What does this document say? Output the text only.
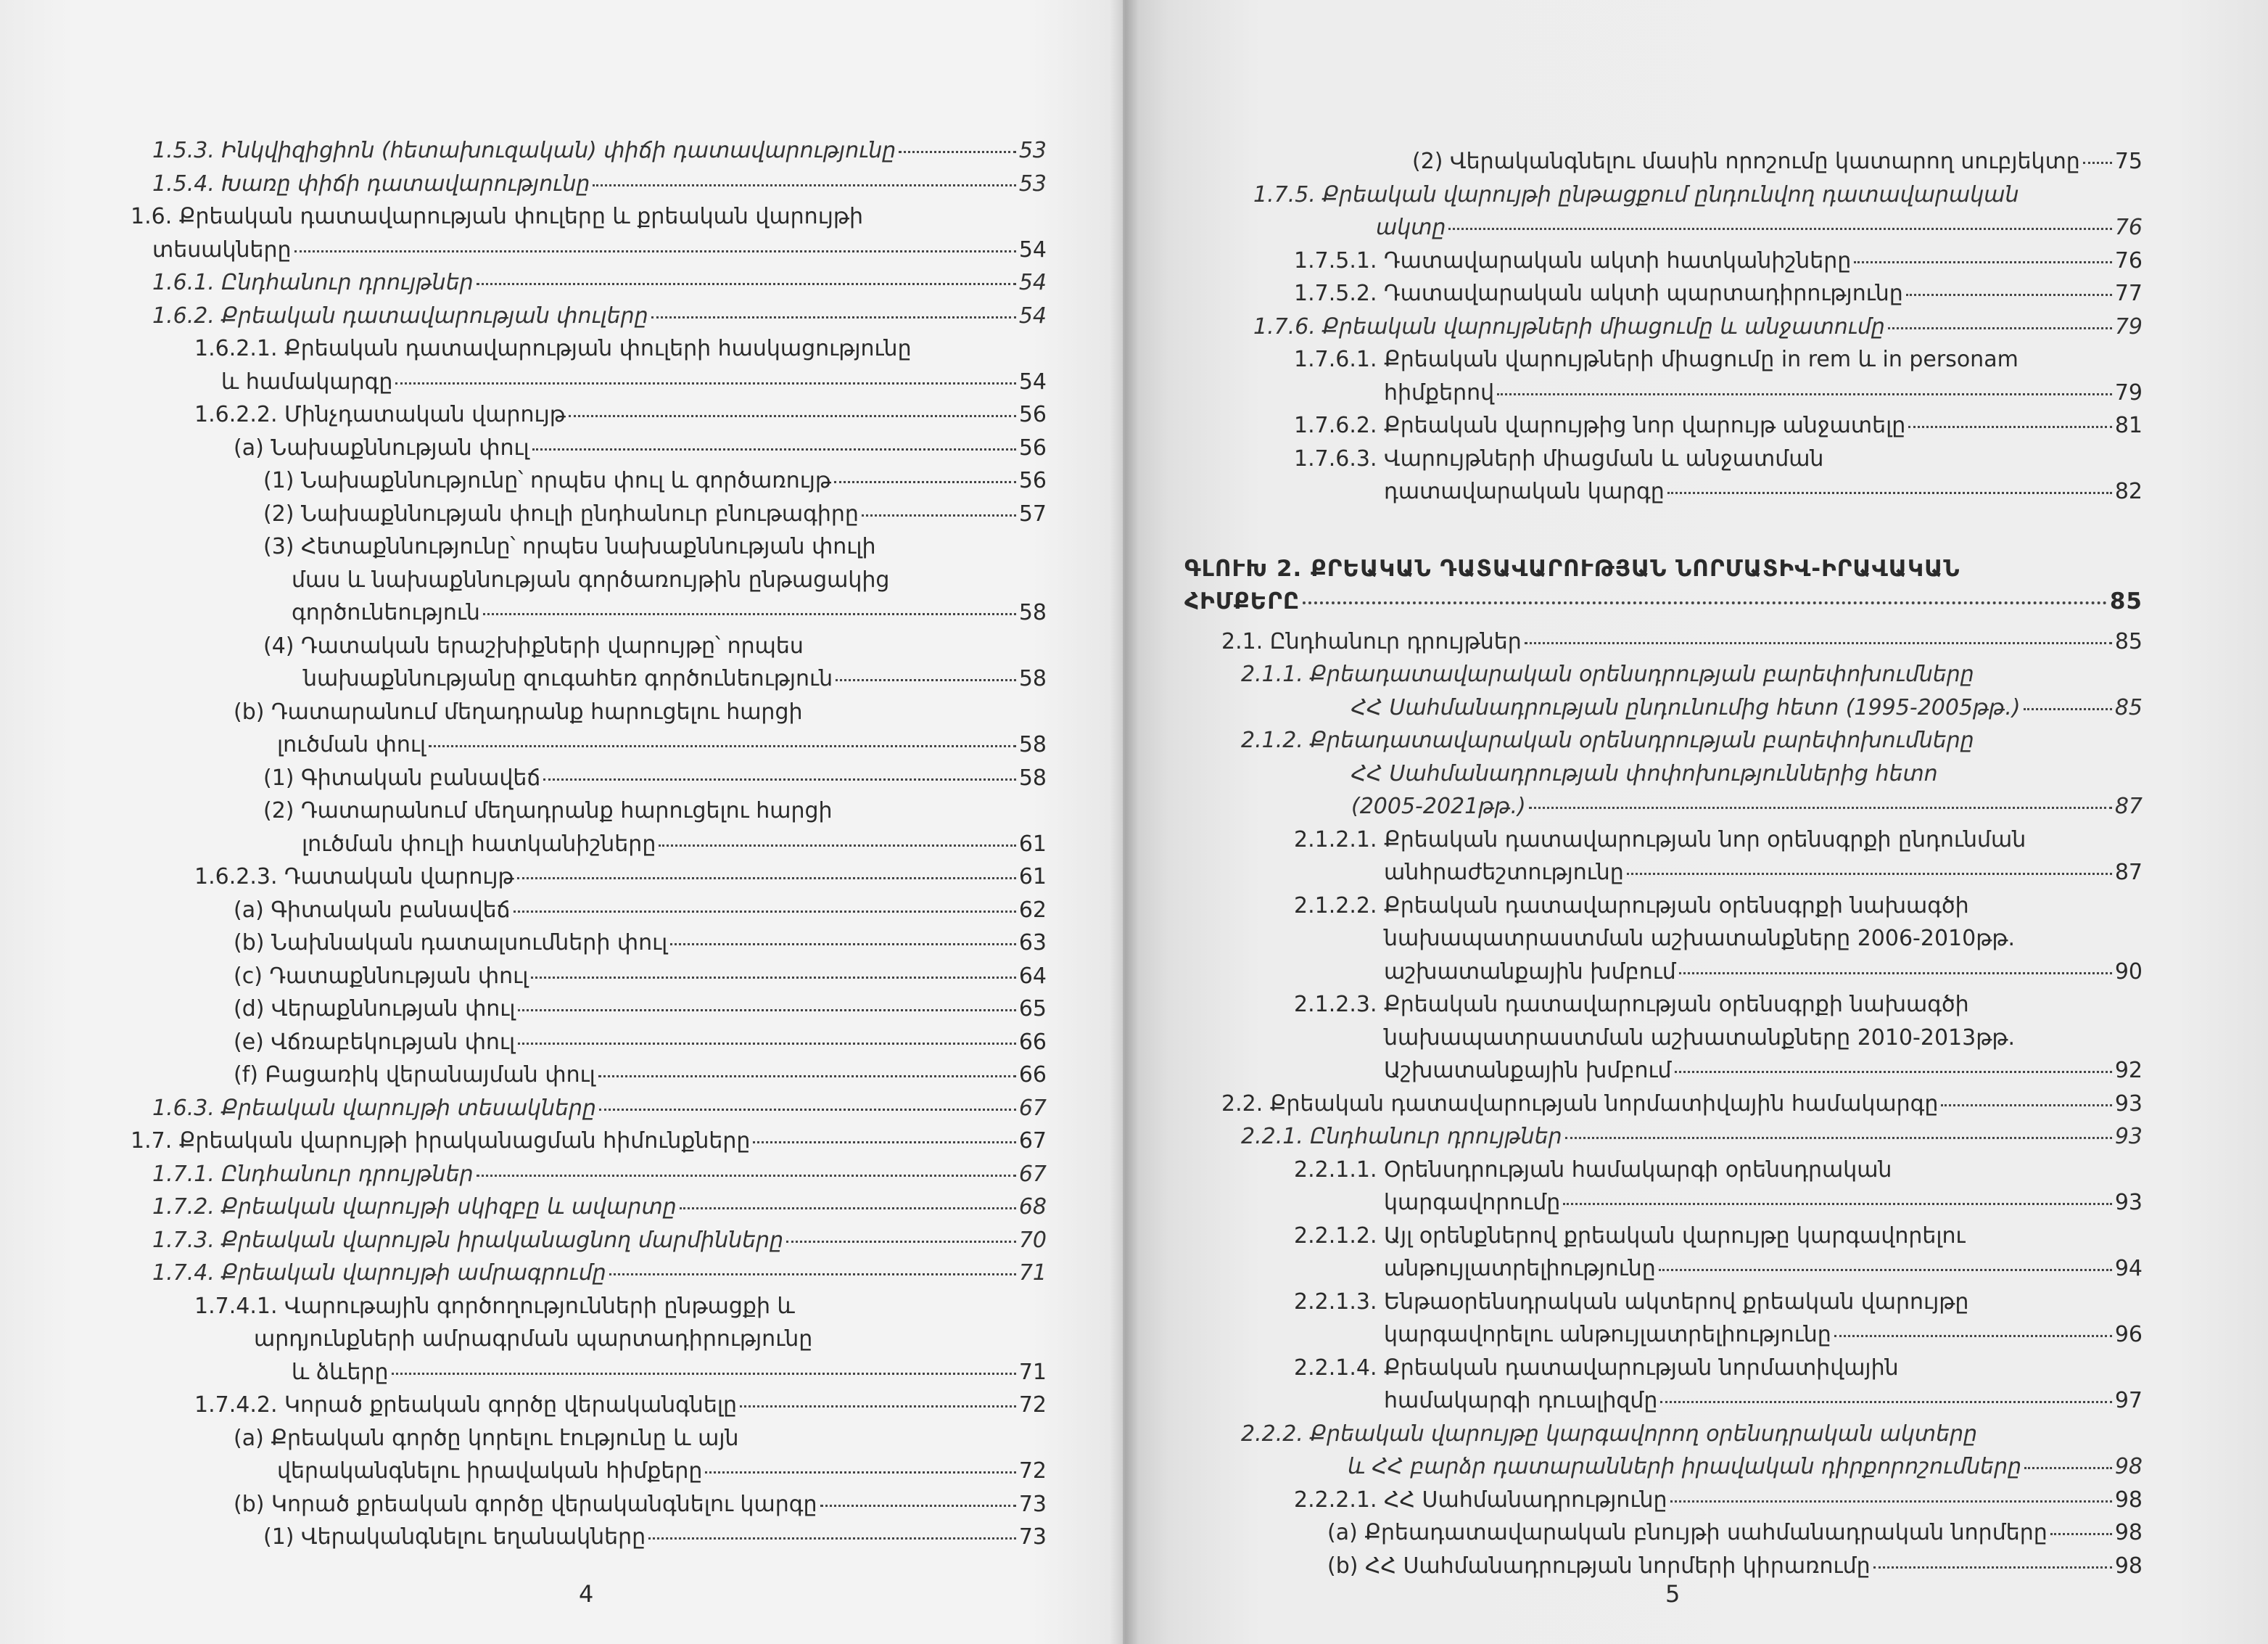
1.5.3. Ինկվիզիցիոն (հետախուզական) փիճի դատավարությունը	53
1.5.4. Խառը փիճի դատավարությունը	53
1.6. Քրեական դատավարության փուլերը և քրեական վարույթի
տեսակները	54
1.6.1. Ընդհանուր դրույթներ	54
1.6.2. Քրեական դատավարության փուլերը	54
1.6.2.1. Քրեական դատավարության փուլերի հասկացությունը
և համակարգը	54
1.6.2.2. Մինչդատական վարույթ	56
(a) Նախաքննության փուլ	56
(1) Նախաքննությունը՝ որպես փուլ և գործառույթ	56
(2) Նախաքննության փուլի ընդհանուր բնութագիրը	57
(3) Հետաքննությունը՝ որպես նախաքննության փուլի
մաս և նախաքննության գործառույթին ընթացակից
գործունեություն	58
(4) Դատական երաշխիքների վարույթը՝ որպես
նախաքննությանը զուգահեռ գործունեություն	58
(b) Դատարանում մեղադրանք հարուցելու հարցի
լուծման փուլ	58
(1) Գիտական բանավեճ	58
(2) Դատարանում մեղադրանք հարուցելու հարցի
լուծման փուլի հատկանիշները	61
1.6.2.3. Դատական վարույթ	61
(a) Գիտական բանավեճ	62
(b) Նախնական դատալսումների փուլ	63
(c) Դատաքննության փուլ	64
(d) Վերաքննության փուլ	65
(e) Վճռաբեկության փուլ	66
(f) Բացառիկ վերանայման փուլ	66
1.6.3. Քրեական վարույթի տեսակները	67
1.7. Քրեական վարույթի իրականացման հիմունքները	67
1.7.1. Ընդհանուր դրույթներ	67
1.7.2. Քրեական վարույթի սկիզբը և ավարտը	68
1.7.3. Քրեական վարույթն իրականացնող մարմինները	70
1.7.4. Քրեական վարույթի ամրագրումը	71
1.7.4.1. Վարութային գործողությունների ընթացքի և
արդյունքների ամրագրման պարտադիրությունը
և ձևերը	71
1.7.4.2. Կորած քրեական գործը վերականգնելը	72
(a) Քրեական գործը կորելու էությունը և այն
վերականգնելու իրավական հիմքերը	72
(b) Կորած քրեական գործը վերականգնելու կարգը	73
(1) Վերականգնելու եղանակները	73
4
(2) Վերականգնելու մասին որոշումը կատարող սուբյեկտը 75
1.7.5. Քրեական վարույթի ընթացքում ընդունվող դատավարական
ակտը	76
1.7.5.1. Դատավարական ակտի հատկանիշները	76
1.7.5.2. Դատավարական ակտի պարտադիրությունը	77
1.7.6. Քրեական վարույթների միացումը և անջատումը	79
1.7.6.1. Քրեական վարույթների միացումը in rem և in personam
հիմքերով	79
1.7.6.2. Քրեական վարույթից նոր վարույթ անջատելը	81
1.7.6.3. Վարույթների միացման և անջատման
դատավարական կարգը	82
ԳԼՈՒԽ 2. ՔՐԵԱԿԱՆ ԴԱՏԱՎԱՐՈՒԹՅԱՆ ՆՈՐՄԱՏԻՎ-ԻՐԱՎԱԿԱՆ
ՀԻՄՔԵՐԸ	85
2.1. Ընդհանուր դրույթներ	85
2.1.1. Քրեադատավարական օրենսդրության բարեփոխումները
ՀՀ Սահմանադրության ընդունումից հետո (1995-2005թթ.)	85
2.1.2. Քրեադատավարական օրենսդրության բարեփոխումները
ՀՀ Սահմանադրության փոփոխություններից հետո
(2005-2021թթ.)	87
2.1.2.1. Քրեական դատավարության նոր օրենսգրքի ընդունման
անհրաժեշտությունը	87
2.1.2.2. Քրեական դատավարության օրենսգրքի նախագծի
նախապատրաստման աշխատանքները 2006-2010թթ.
աշխատանքային խմբում	90
2.1.2.3. Քրեական դատավարության օրենսգրքի նախագծի
նախապատրաստման աշխատանքները 2010-2013թթ.
Աշխատանքային խմբում	92
2.2. Քրեական դատավարության նորմատիվային համակարգը	93
2.2.1. Ընդհանուր դրույթներ	93
2.2.1.1. Օրենսդրության համակարգի օրենսդրական
կարգավորումը	93
2.2.1.2. Այլ օրենքներով քրեական վարույթը կարգավորելու
անթույլատրելիությունը	94
2.2.1.3. Ենթաօրենսդրական ակտերով քրեական վարույթը
կարգավորելու անթույլատրելիությունը	96
2.2.1.4. Քրեական դատավարության նորմատիվային
համակարգի դուալիզմը	97
2.2.2. Քրեական վարույթը կարգավորող օրենսդրական ակտերը
և ՀՀ բարձր դատարանների իրավական դիրքորոշումները	98
2.2.2.1. ՀՀ Սահմանադրությունը	98
(a) Քրեադատավարական բնույթի սահմանադրական նորմերը	98
(b) ՀՀ Սահմանադրության նորմերի կիրառումը	98
5
